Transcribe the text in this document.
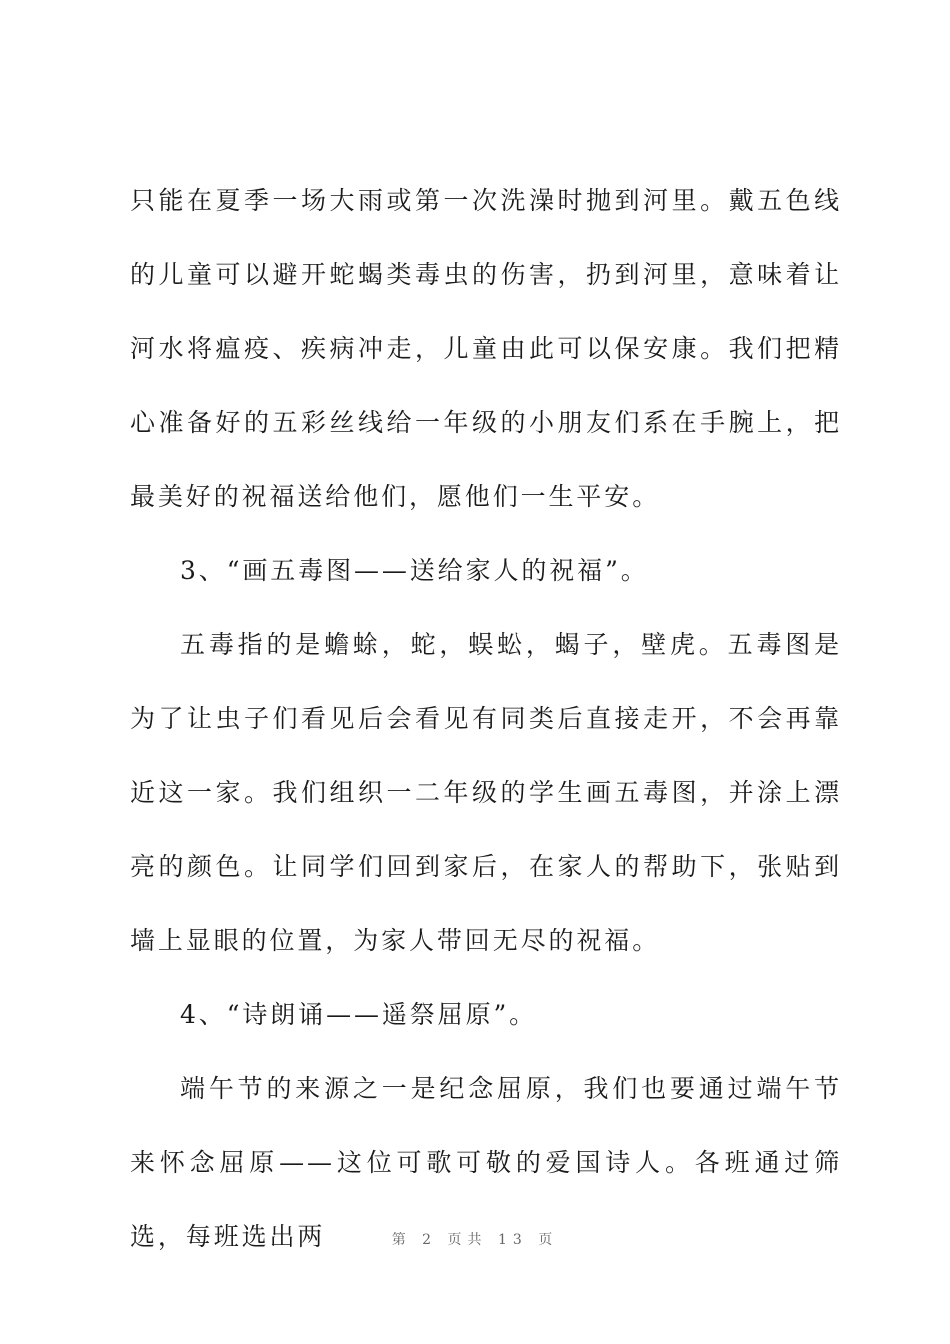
只能在夏季一场大雨或第一次洗澡时抛到河里。戴五色线的儿童可以避开蛇蝎类毒虫的伤害，扔到河里，意味着让河水将瘟疫、疾病冲走，儿童由此可以保安康。我们把精心准备好的五彩丝线给一年级的小朋友们系在手腕上，把最美好的祝福送给他们，愿他们一生平安。

3、“画五毒图——送给家人的祝福”。

五毒指的是蟾蜍，蛇，蜈蚣，蝎子，壁虎。五毒图是为了让虫子们看见后会看见有同类后直接走开，不会再靠近这一家。我们组织一二年级的学生画五毒图，并涂上漂亮的颜色。让同学们回到家后，在家人的帮助下，张贴到墙上显眼的位置，为家人带回无尽的祝福。

4、“诗朗诵——遥祭屈原”。

端午节的来源之一是纪念屈原，我们也要通过端午节来怀念屈原——这位可歌可敬的爱国诗人。各班通过筛选，每班选出两	第 2 页共 13 页
